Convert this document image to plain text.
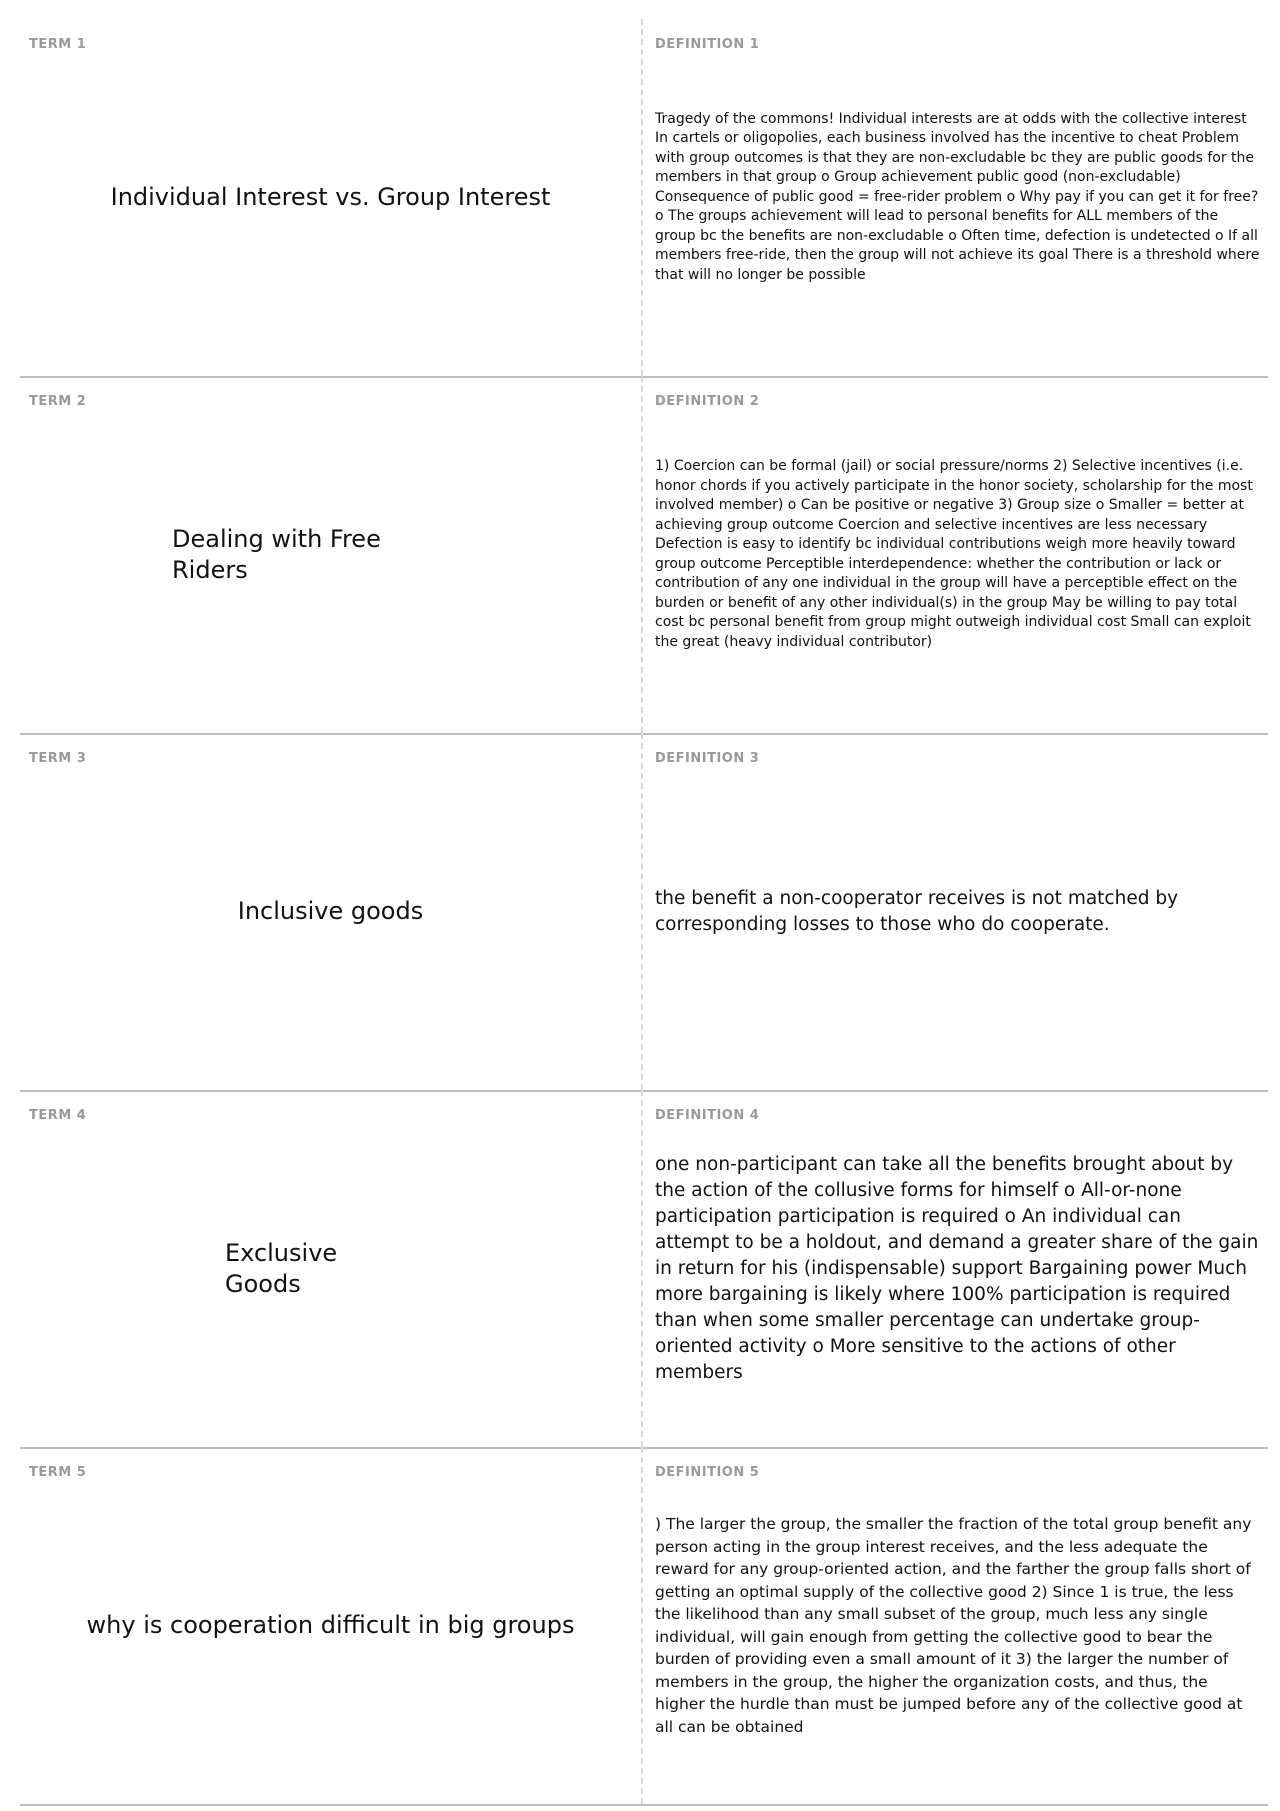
TERM 1
Individual Interest vs. Group Interest
DEFINITION 1
Tragedy of the commons! Individual interests are at odds with the collective interest In cartels or oligopolies, each business involved has the incentive to cheat Problem with group outcomes is that they are non-excludable bc they are public goods for the members in that group o Group achievement public good (non-excludable) Consequence of public good = free-rider problem o Why pay if you can get it for free? o The groups achievement will lead to personal benefits for ALL members of the group bc the benefits are non-excludable o Often time, defection is undetected o If all members free-ride, then the group will not achieve its goal There is a threshold where that will no longer be possible
TERM 2
Dealing with Free Riders
DEFINITION 2
1) Coercion can be formal (jail) or social pressure/norms 2) Selective incentives (i.e. honor chords if you actively participate in the honor society, scholarship for the most involved member) o Can be positive or negative 3) Group size o Smaller = better at achieving group outcome Coercion and selective incentives are less necessary Defection is easy to identify bc individual contributions weigh more heavily toward group outcome Perceptible interdependence: whether the contribution or lack or contribution of any one individual in the group will have a perceptible effect on the burden or benefit of any other individual(s) in the group May be willing to pay total cost bc personal benefit from group might outweigh individual cost Small can exploit the great (heavy individual contributor)
TERM 3
Inclusive goods
DEFINITION 3
the benefit a non-cooperator receives is not matched by corresponding losses to those who do cooperate.
TERM 4
Exclusive Goods
DEFINITION 4
one non-participant can take all the benefits brought about by the action of the collusive forms for himself o All-or-none participation participation is required o An individual can attempt to be a holdout, and demand a greater share of the gain in return for his (indispensable) support Bargaining power Much more bargaining is likely where 100% participation is required than when some smaller percentage can undertake group-oriented activity o More sensitive to the actions of other members
TERM 5
why is cooperation difficult in big groups
DEFINITION 5
) The larger the group, the smaller the fraction of the total group benefit any person acting in the group interest receives, and the less adequate the reward for any group-oriented action, and the farther the group falls short of getting an optimal supply of the collective good 2) Since 1 is true, the less the likelihood than any small subset of the group, much less any single individual, will gain enough from getting the collective good to bear the burden of providing even a small amount of it 3) the larger the number of members in the group, the higher the organization costs, and thus, the higher the hurdle than must be jumped before any of the collective good at all can be obtained
